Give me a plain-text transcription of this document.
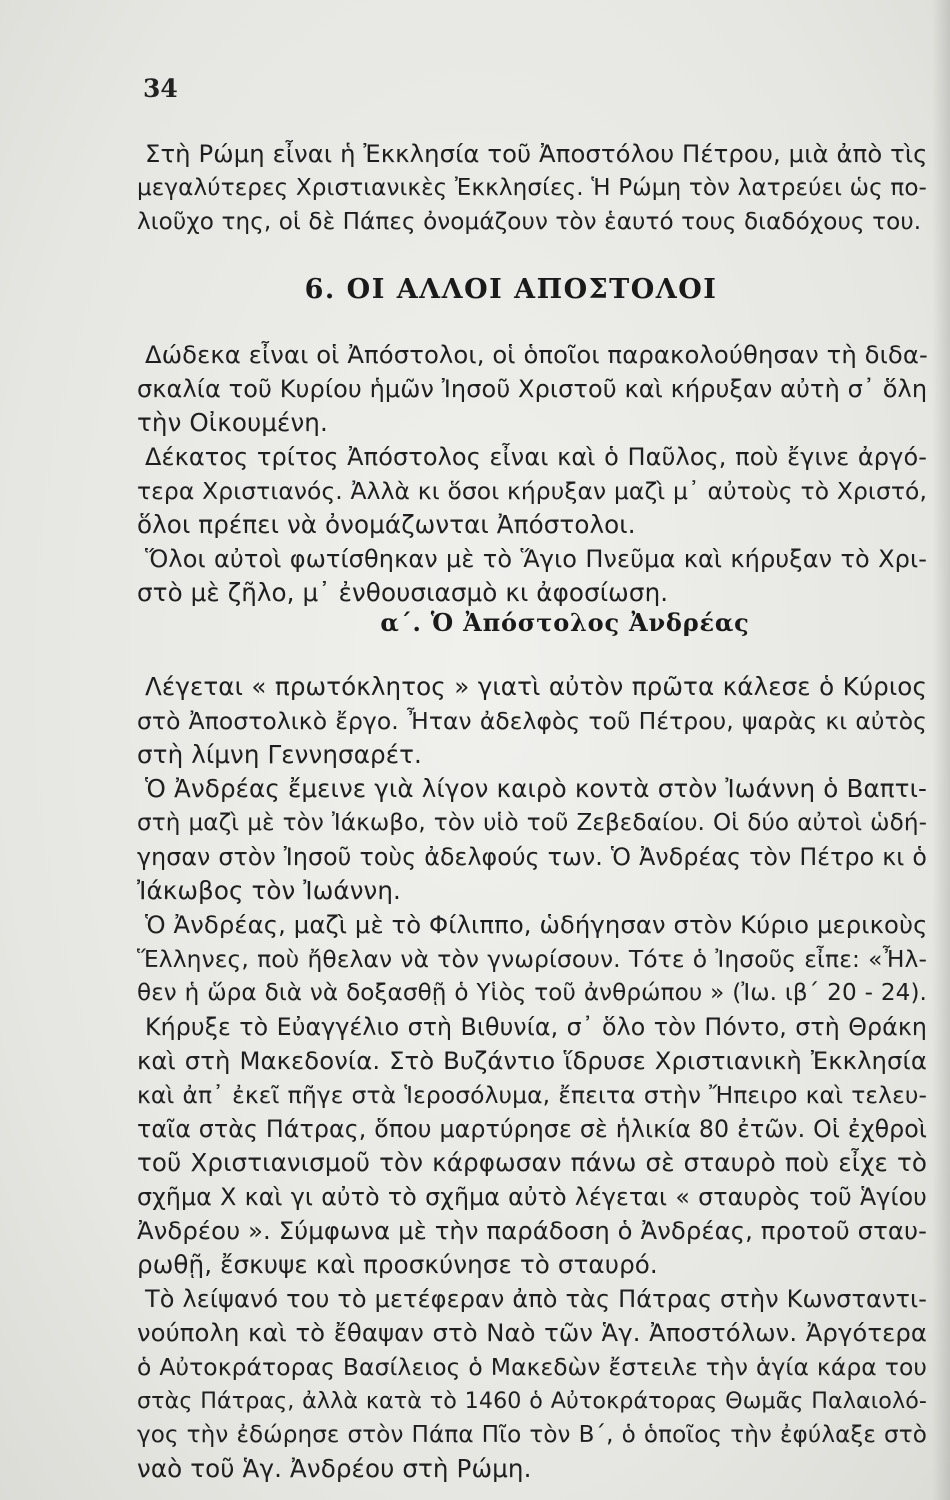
34
Στὴ Ρώμη εἶναι ἡ Ἐκκλησία τοῦ Ἀποστόλου Πέτρου, μιὰ ἀπὸ τὶς
μεγαλύτερες Χριστιανικὲς Ἐκκλησίες. Ἡ Ρώμη τὸν λατρεύει ὡς πο-
λιοῦχο της, οἱ δὲ Πάπες ὀνομάζουν τὸν ἑαυτό τους διαδόχους του.
6. ΟΙ ΑΛΛΟΙ ΑΠΟΣΤΟΛΟΙ
Δώδεκα εἶναι οἱ Ἀπόστολοι, οἱ ὁποῖοι παρακολούθησαν τὴ διδα-
σκαλία τοῦ Κυρίου ἡμῶν Ἰησοῦ Χριστοῦ καὶ κήρυξαν αὐτὴ σ᾽ ὅλη
τὴν Οἰκουμένη.
Δέκατος τρίτος Ἀπόστολος εἶναι καὶ ὁ Παῦλος, ποὺ ἔγινε ἀργό-
τερα Χριστιανός. Ἀλλὰ κι ὅσοι κήρυξαν μαζὶ μ᾽ αὐτοὺς τὸ Χριστό,
ὅλοι πρέπει νὰ ὀνομάζωνται Ἀπόστολοι.
Ὅλοι αὐτοὶ φωτίσθηκαν μὲ τὸ Ἅγιο Πνεῦμα καὶ κήρυξαν τὸ Χρι-
στὸ μὲ ζῆλο, μ᾽ ἐνθουσιασμὸ κι ἀφοσίωση.
α΄. Ὁ Ἀπόστολος Ἀνδρέας
Λέγεται « πρωτόκλητος » γιατὶ αὐτὸν πρῶτα κάλεσε ὁ Κύριος
στὸ Ἀποστολικὸ ἔργο. Ἦταν ἀδελφὸς τοῦ Πέτρου, ψαρὰς κι αὐτὸς
στὴ λίμνη Γεννησαρέτ.
Ὁ Ἀνδρέας ἔμεινε γιὰ λίγον καιρὸ κοντὰ στὸν Ἰωάννη ὁ Βαπτι-
στὴ μαζὶ μὲ τὸν Ἰάκωβο, τὸν υἱὸ τοῦ Ζεβεδαίου. Οἱ δύο αὐτοὶ ὡδή-
γησαν στὸν Ἰησοῦ τοὺς ἀδελφούς των. Ὁ Ἀνδρέας τὸν Πέτρο κι ὁ
Ἰάκωβος τὸν Ἰωάννη.
Ὁ Ἀνδρέας, μαζὶ μὲ τὸ Φίλιππο, ὡδήγησαν στὸν Κύριο μερικοὺς
Ἕλληνες, ποὺ ἤθελαν νὰ τὸν γνωρίσουν. Τότε ὁ Ἰησοῦς εἶπε: «Ἦλ-
θεν ἡ ὥρα διὰ νὰ δοξασθῇ ὁ Υἱὸς τοῦ ἀνθρώπου » (Ἰω. ιβ΄ 20 - 24).
Κήρυξε τὸ Εὐαγγέλιο στὴ Βιθυνία, σ᾽ ὅλο τὸν Πόντο, στὴ Θράκη
καὶ στὴ Μακεδονία. Στὸ Βυζάντιο ἵδρυσε Χριστιανικὴ Ἐκκλησία
καὶ ἀπ᾽ ἐκεῖ πῆγε στὰ Ἱεροσόλυμα, ἔπειτα στὴν Ἤπειρο καὶ τελευ-
ταῖα στὰς Πάτρας, ὅπου μαρτύρησε σὲ ἡλικία 80 ἐτῶν. Οἱ ἐχθροὶ
τοῦ Χριστιανισμοῦ τὸν κάρφωσαν πάνω σὲ σταυρὸ ποὺ εἶχε τὸ
σχῆμα Χ καὶ γι αὐτὸ τὸ σχῆμα αὐτὸ λέγεται « σταυρὸς τοῦ Ἁγίου
Ἀνδρέου ». Σύμφωνα μὲ τὴν παράδοση ὁ Ἀνδρέας, προτοῦ σταυ-
ρωθῇ, ἔσκυψε καὶ προσκύνησε τὸ σταυρό.
Τὸ λείψανό του τὸ μετέφεραν ἀπὸ τὰς Πάτρας στὴν Κωνσταντι-
νούπολη καὶ τὸ ἔθαψαν στὸ Ναὸ τῶν Ἁγ. Ἀποστόλων. Ἀργότερα
ὁ Αὐτοκράτορας Βασίλειος ὁ Μακεδὼν ἔστειλε τὴν ἁγία κάρα του
στὰς Πάτρας, ἀλλὰ κατὰ τὸ 1460 ὁ Αὐτοκράτορας Θωμᾶς Παλαιολό-
γος τὴν ἐδώρησε στὸν Πάπα Πῖο τὸν Β΄, ὁ ὁποῖος τὴν ἐφύλαξε στὸ
ναὸ τοῦ Ἁγ. Ἀνδρέου στὴ Ρώμη.
